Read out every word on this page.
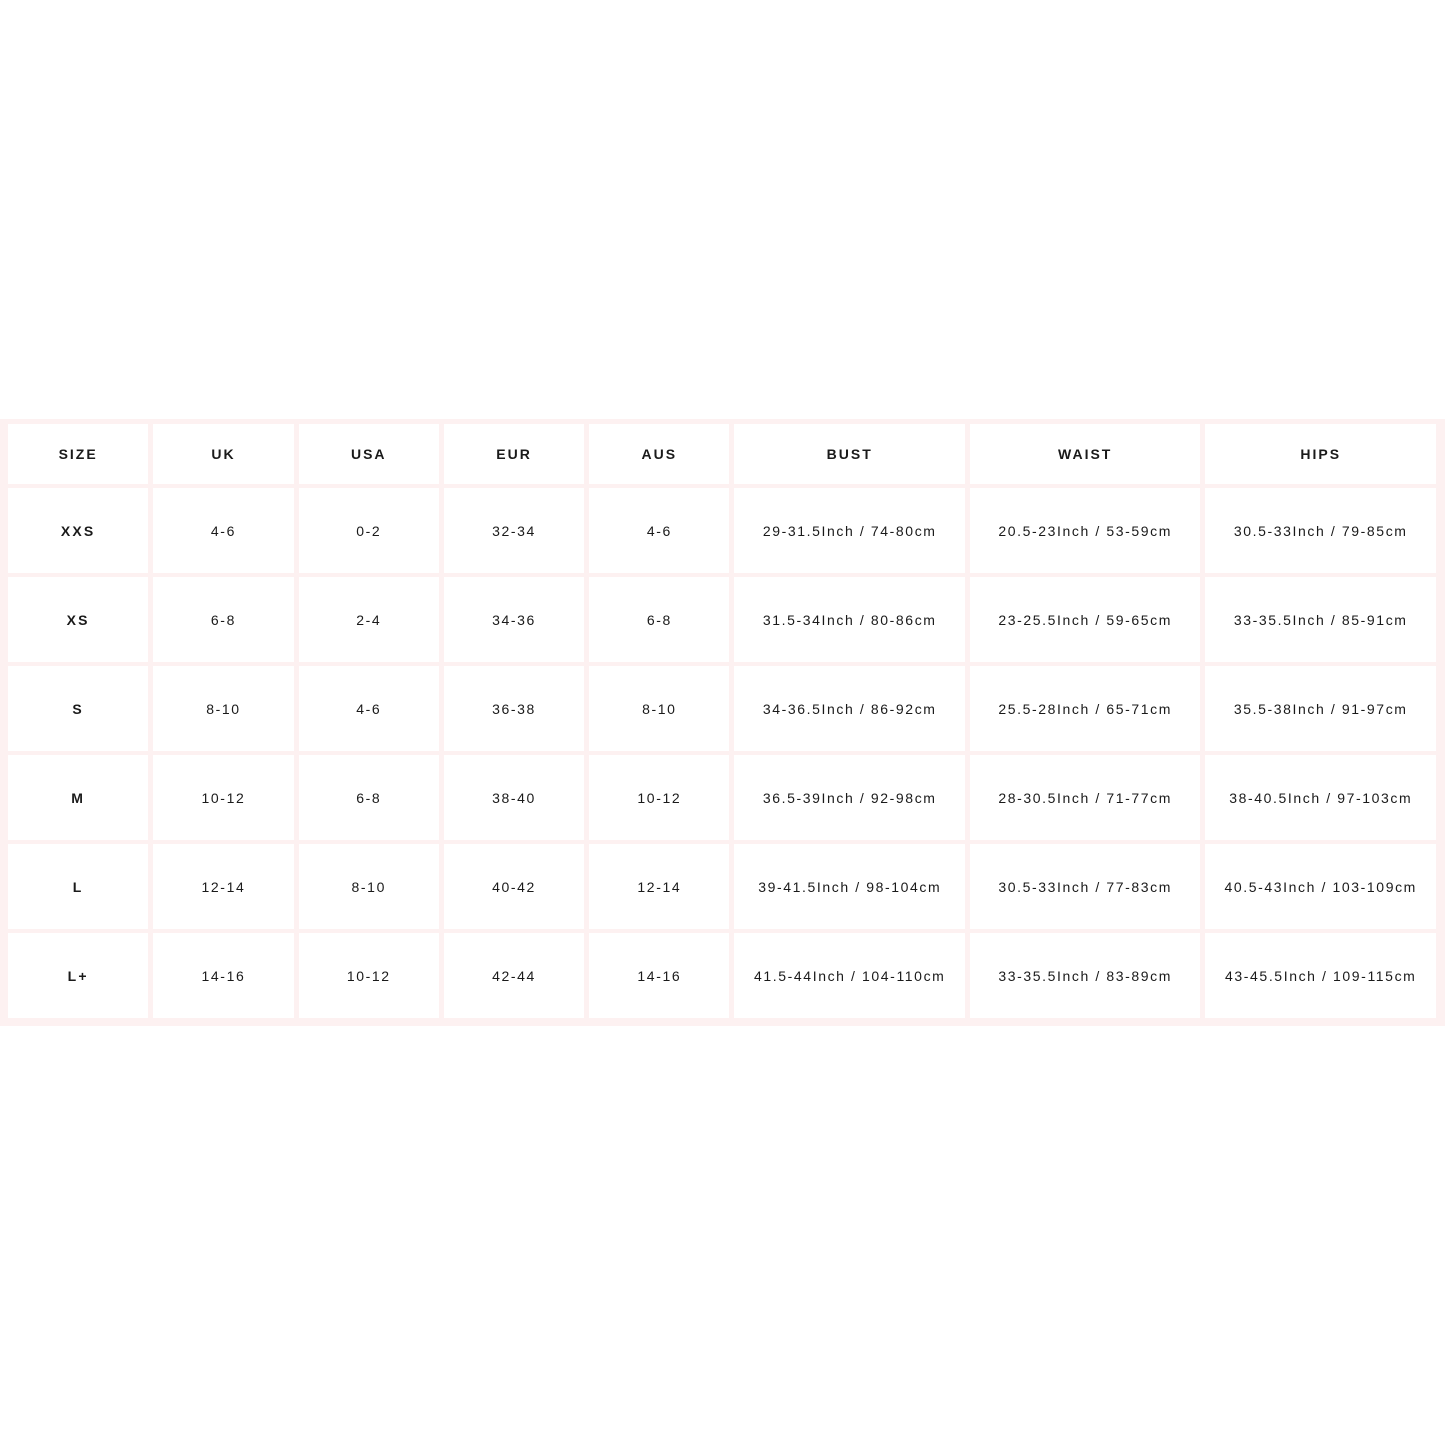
SIZE	UK	USA	EUR	AUS	BUST	WAIST	HIPS
XXS	4-6	0-2	32-34	4-6	29-31.5Inch / 74-80cm	20.5-23Inch / 53-59cm	30.5-33Inch / 79-85cm
XS	6-8	2-4	34-36	6-8	31.5-34Inch / 80-86cm	23-25.5Inch / 59-65cm	33-35.5Inch / 85-91cm
S	8-10	4-6	36-38	8-10	34-36.5Inch / 86-92cm	25.5-28Inch / 65-71cm	35.5-38Inch / 91-97cm
M	10-12	6-8	38-40	10-12	36.5-39Inch / 92-98cm	28-30.5Inch / 71-77cm	38-40.5Inch / 97-103cm
L	12-14	8-10	40-42	12-14	39-41.5Inch / 98-104cm	30.5-33Inch / 77-83cm	40.5-43Inch / 103-109cm
L+	14-16	10-12	42-44	14-16	41.5-44Inch / 104-110cm	33-35.5Inch / 83-89cm	43-45.5Inch / 109-115cm
